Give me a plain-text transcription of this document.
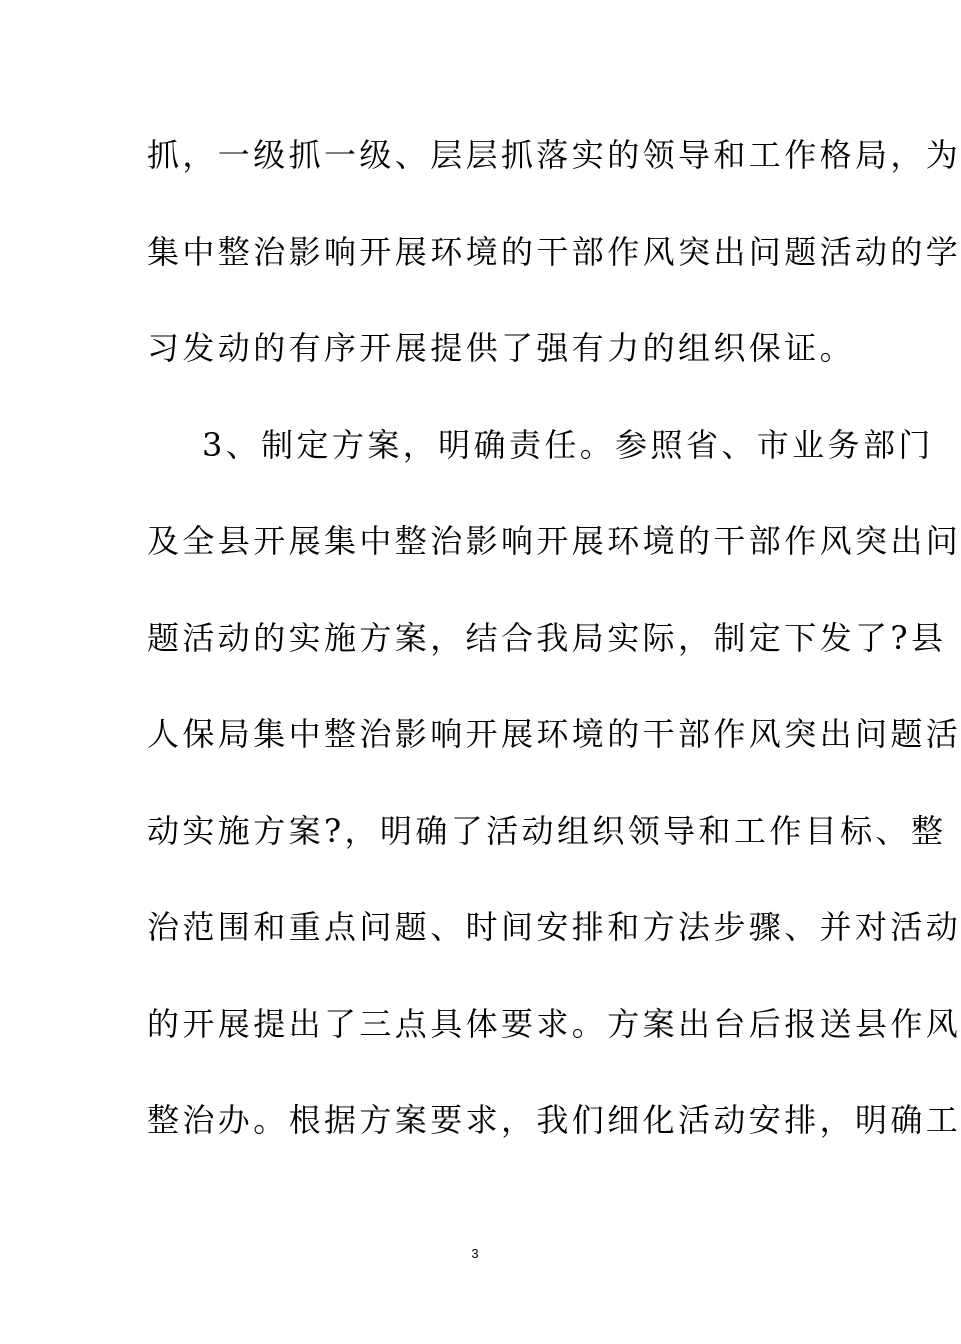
抓，一级抓一级、层层抓落实的领导和工作格局，为
集中整治影响开展环境的干部作风突出问题活动的学
习发动的有序开展提供了强有力的组织保证。
3、制定方案，明确责任。参照省、市业务部门
及全县开展集中整治影响开展环境的干部作风突出问
题活动的实施方案，结合我局实际，制定下发了?县
人保局集中整治影响开展环境的干部作风突出问题活
动实施方案?，明确了活动组织领导和工作目标、整
治范围和重点问题、时间安排和方法步骤、并对活动
的开展提出了三点具体要求。方案出台后报送县作风
整治办。根据方案要求，我们细化活动安排，明确工
3
